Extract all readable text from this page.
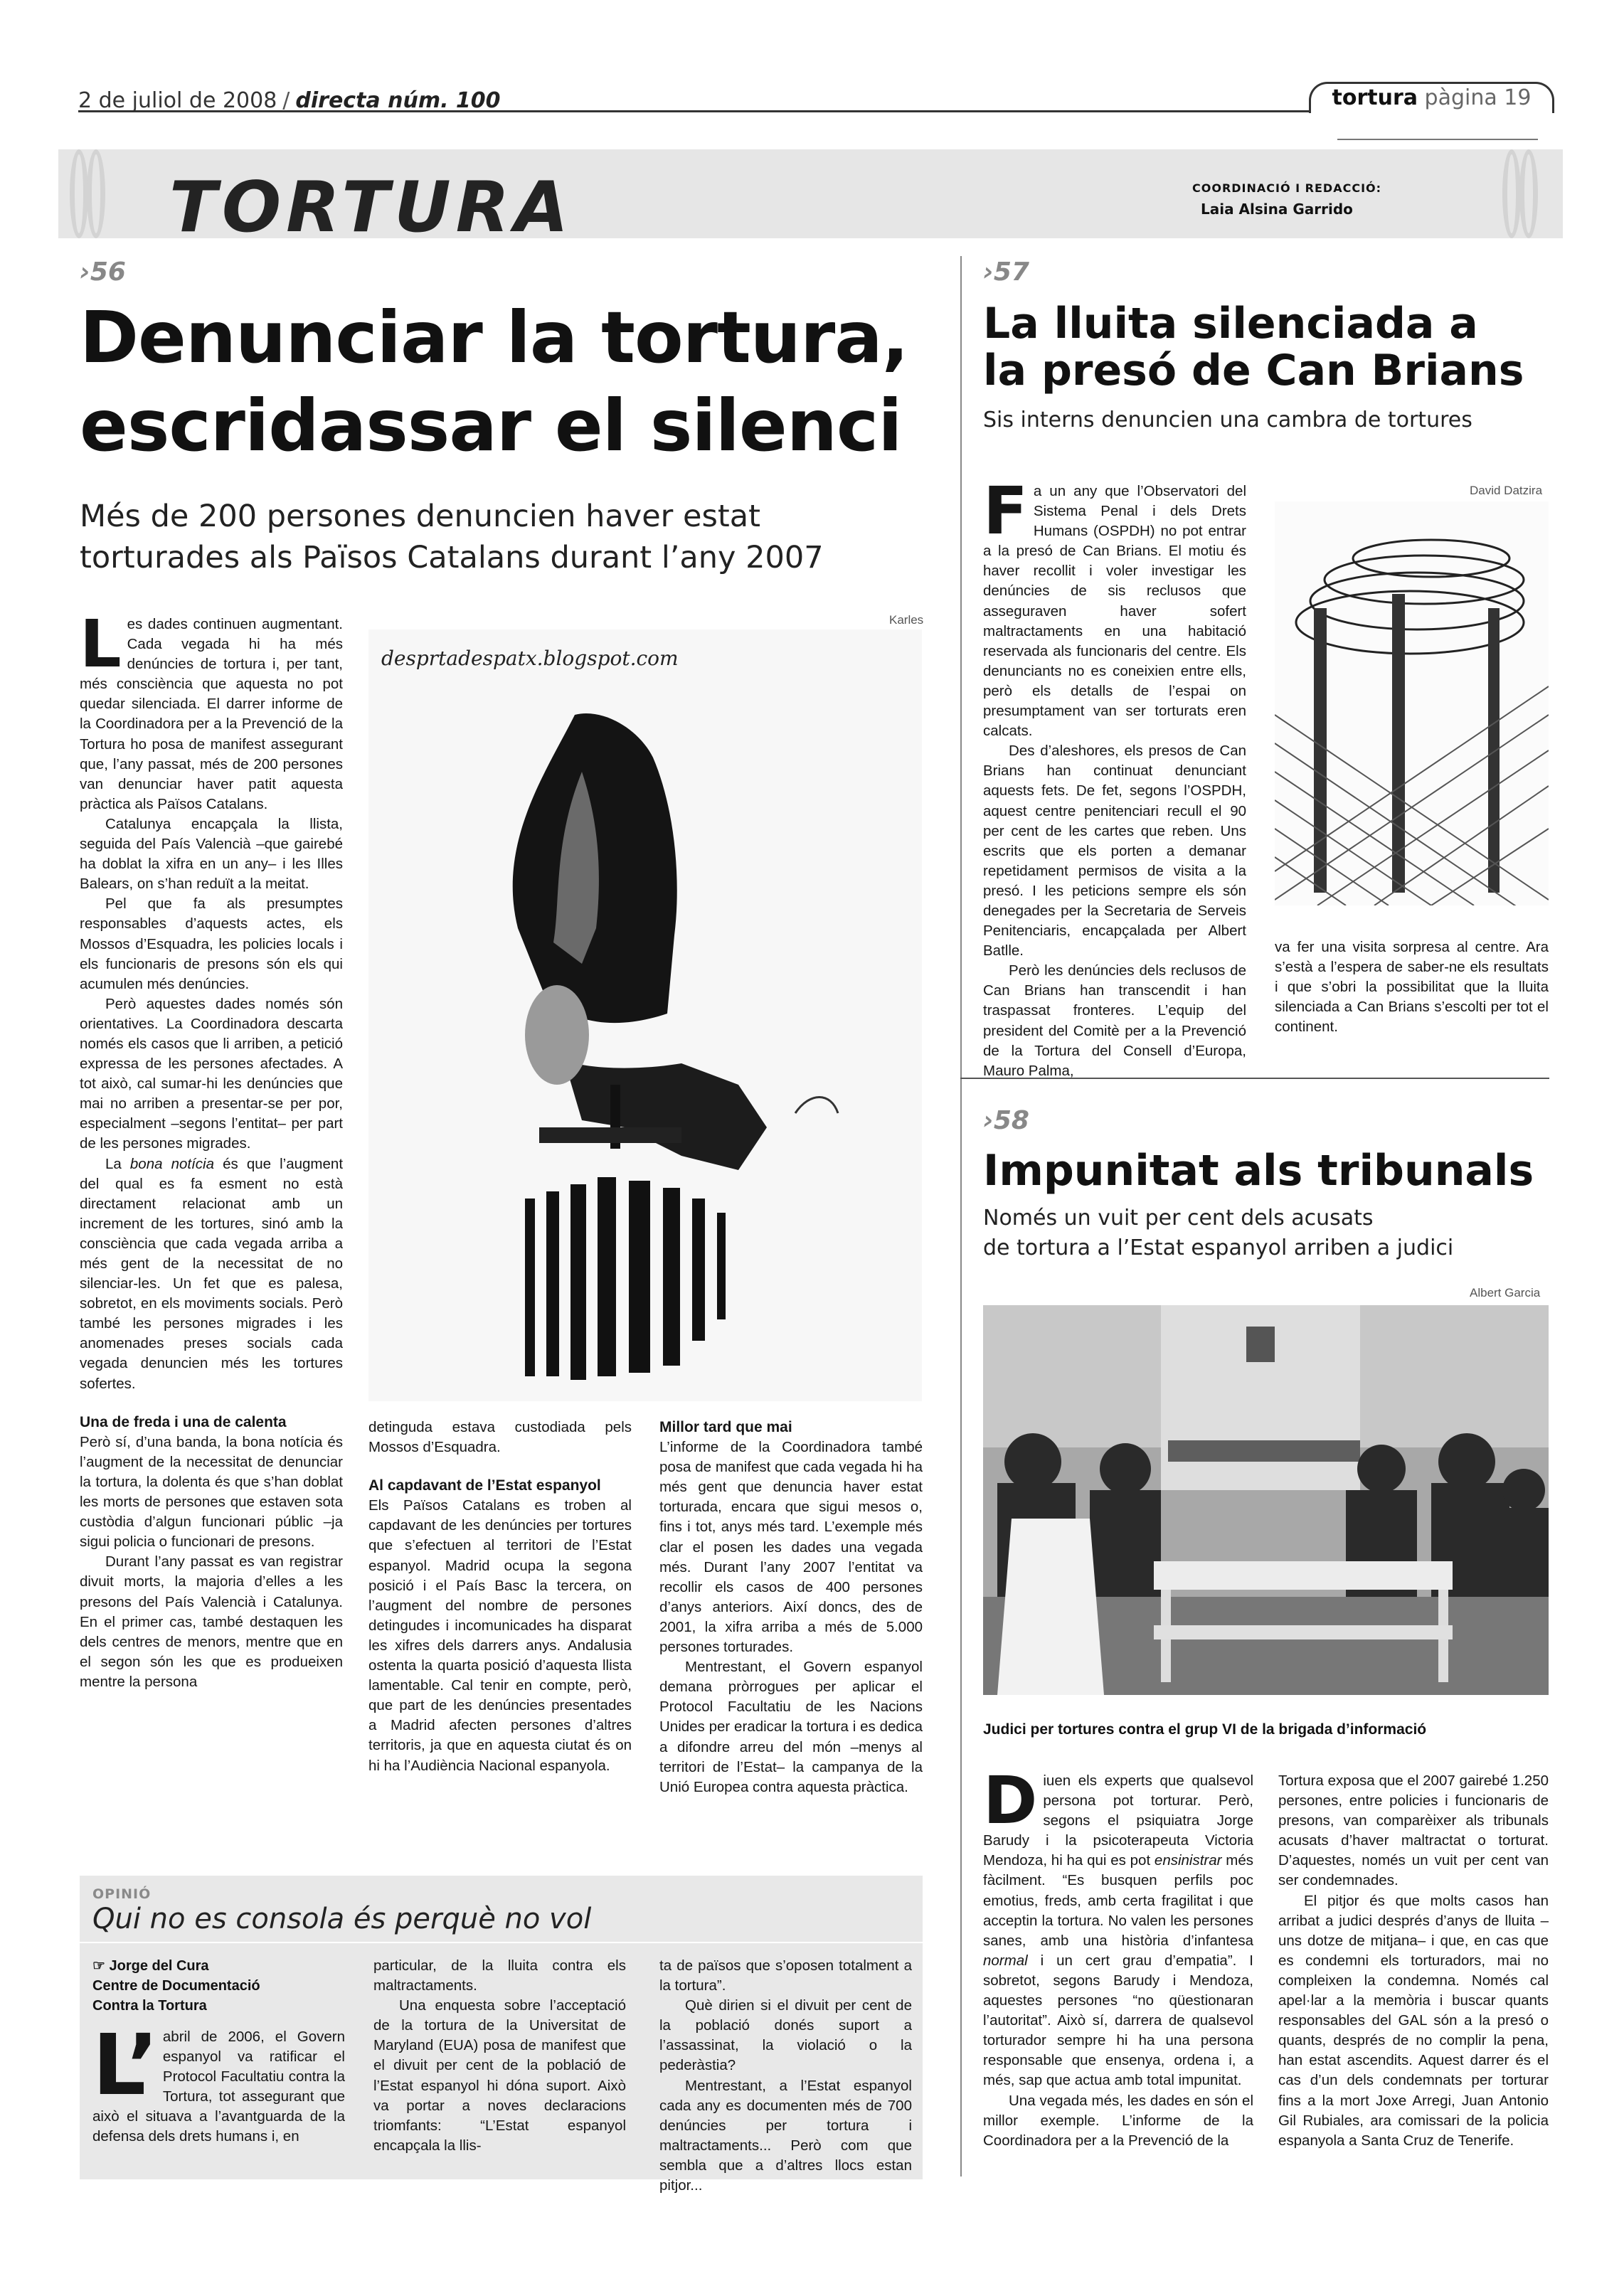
2 de juliol de 2008 / directa núm. 100	tortura pàgina 19
TORTURA	COORDINACIÓ I REDACCIÓ:
Laia Alsina Garrido
›56
Denunciar la tortura,
escridassar el silenci
Més de 200 persones denuncien haver estat
torturades als Països Catalans durant l’any 2007

Les dades continuen augmentant. Cada vegada hi ha més denúncies de tortura i, per tant, més consciència que aquesta no pot quedar silenciada. El darrer informe de la Coordinadora per a la Prevenció de la Tortura ho posa de manifest assegurant que, l’any passat, més de 200 persones van denunciar haver patit aquesta pràctica als Països Catalans.

Catalunya encapçala la llista, seguida del País Valencià –que gairebé ha doblat la xifra en un any– i les Illes Balears, on s’han reduït a la meitat.

Pel que fa als presumptes responsables d’aquests actes, els Mossos d’Esquadra, les policies locals i els funcionaris de presons són els qui acumulen més denúncies.

Però aquestes dades només són orientatives. La Coordinadora descarta només els casos que li arriben, a petició expressa de les persones afectades. A tot això, cal sumar-hi les denúncies que mai no arriben a presentar-se per por, especialment –segons l’entitat– per part de les persones migrades.

La bona notícia és que l’augment del qual es fa esment no està directament relacionat amb un increment de les tortures, sinó amb la consciència que cada vegada arriba a més gent de la necessitat de no silenciar-les. Un fet que es palesa, sobretot, en els moviments socials. Però també les persones migrades i les anomenades preses socials cada vegada denuncien més les tortures sofertes.

Una de freda i una de calenta

Però sí, d’una banda, la bona notícia és l’augment de la necessitat de denunciar la tortura, la dolenta és que s’han doblat les morts de persones que estaven sota custòdia d’algun funcionari públic –ja sigui policia o funcionari de presons.

Durant l’any passat es van registrar divuit morts, la majoria d’elles a les presons del País Valencià i Catalunya. En el primer cas, també destaquen les dels centres de menors, mentre que en el segon són les que es produeixen mentre la persona

Karles
desprtadespatx.blogspot.com

detinguda estava custodiada pels Mossos d’Esquadra.

Al capdavant de l’Estat espanyol

Els Països Catalans es troben al capdavant de les denúncies per tortures que s’efectuen al territori de l’Estat espanyol. Madrid ocupa la segona posició i el País Basc la tercera, on l’augment del nombre de persones detingudes i incomunicades ha disparat les xifres dels darrers anys. Andalusia ostenta la quarta posició d’aquesta llista lamentable. Cal tenir en compte, però, que part de les denúncies presentades a Madrid afecten persones d’altres territoris, ja que en aquesta ciutat és on hi ha l’Audiència Nacional espanyola.

Millor tard que mai

L’informe de la Coordinadora també posa de manifest que cada vegada hi ha més gent que denuncia haver estat torturada, encara que sigui mesos o, fins i tot, anys més tard. L’exemple més clar el posen les dades una vegada més. Durant l’any 2007 l’entitat va recollir els casos de 400 persones d’anys anteriors. Així doncs, des de 2001, la xifra arriba a més de 5.000 persones torturades.

Mentrestant, el Govern espanyol demana pròrrogues per aplicar el Protocol Facultatiu de les Nacions Unides per eradicar la tortura i es dedica a difondre arreu del món –menys al territori de l’Estat– la campanya de la Unió Europea contra aquesta pràctica.

›57
La lluita silenciada a
la presó de Can Brians
Sis interns denuncien una cambra de tortures

Fa un any que l’Observatori del Sistema Penal i dels Drets Humans (OSPDH) no pot entrar a la presó de Can Brians. El motiu és haver recollit i voler investigar les denúncies de sis reclusos que asseguraven haver sofert maltractaments en una habitació reservada als funcionaris del centre. Els denunciants no es coneixien entre ells, però els detalls de l’espai on presumptament van ser torturats eren calcats.

Des d’aleshores, els presos de Can Brians han continuat denunciant aquests fets. De fet, segons l’OSPDH, aquest centre penitenciari recull el 90 per cent de les cartes que reben. Uns escrits que els porten a demanar repetidament permisos de visita a la presó. I les peticions sempre els són denegades per la Secretaria de Serveis Penitenciaris, encapçalada per Albert Batlle.

Però les denúncies dels reclusos de Can Brians han transcendit i han traspassat fronteres. L’equip del president del Comitè per a la Prevenció de la Tortura del Consell d’Europa, Mauro Palma,

David Datzira

va fer una visita sorpresa al centre. Ara s’està a l’espera de saber-ne els resultats i que s’obri la possibilitat que la lluita silenciada a Can Brians s’escolti per tot el continent.

›58
Impunitat als tribunals
Només un vuit per cent dels acusats
de tortura a l’Estat espanyol arriben a judici
Albert Garcia
Judici per tortures contra el grup VI de la brigada d’informació

Diuen els experts que qualsevol persona pot torturar. Però, segons el psiquiatra Jorge Barudy i la psicoterapeuta Victoria Mendoza, hi ha qui es pot ensinistrar més fàcilment. “Es busquen perfils poc emotius, freds, amb certa fragilitat i que acceptin la tortura. No valen les persones sanes, amb una història d’infantesa normal i un cert grau d’empatia”. I sobretot, segons Barudy i Mendoza, aquestes persones “no qüestionaran l’autoritat”. Això sí, darrera de qualsevol torturador sempre hi ha una persona responsable que ensenya, ordena i, a més, sap que actua amb total impunitat.

Una vegada més, les dades en són el millor exemple. L’informe de la Coordinadora per a la Prevenció de la

Tortura exposa que el 2007 gairebé 1.250 persones, entre policies i funcionaris de presons, van comparèixer als tribunals acusats d’haver maltractat o torturat. D’aquestes, només un vuit per cent van ser condemnades.

El pitjor és que molts casos han arribat a judici després d’anys de lluita –uns dotze de mitjana– i que, en cas que es condemni els torturadors, mai no compleixen la condemna. Només cal apel·lar a la memòria i buscar quants responsables del GAL són a la presó o quants, després de no complir la pena, han estat ascendits. Aquest darrer és el cas d’un dels condemnats per torturar fins a la mort Joxe Arregi, Juan Antonio Gil Rubiales, ara comissari de la policia espanyola a Santa Cruz de Tenerife.

OPINIÓ
Qui no es consola és perquè no vol
☞ Jorge del Cura
Centre de Documentació
Contra la Tortura

L’ abril de 2006, el Govern espanyol va ratificar el Protocol Facultatiu contra la Tortura, tot assegurant que això el situava a l’avantguarda de la defensa dels drets humans i, en

particular, de la lluita contra els maltractaments.

Una enquesta sobre l’acceptació de la tortura de la Universitat de Maryland (EUA) posa de manifest que el divuit per cent de la població de l’Estat espanyol hi dóna suport. Això va portar a noves declaracions triomfants: “L’Estat espanyol encapçala la llis-

ta de països que s’oposen totalment a la tortura”.

Què dirien si el divuit per cent de la població donés suport a l’assassinat, la violació o la pederàstia?

Mentrestant, a l’Estat espanyol cada any es documenten més de 700 denúncies per tortura i maltractaments... Però com que sembla que a d’altres llocs estan pitjor...
